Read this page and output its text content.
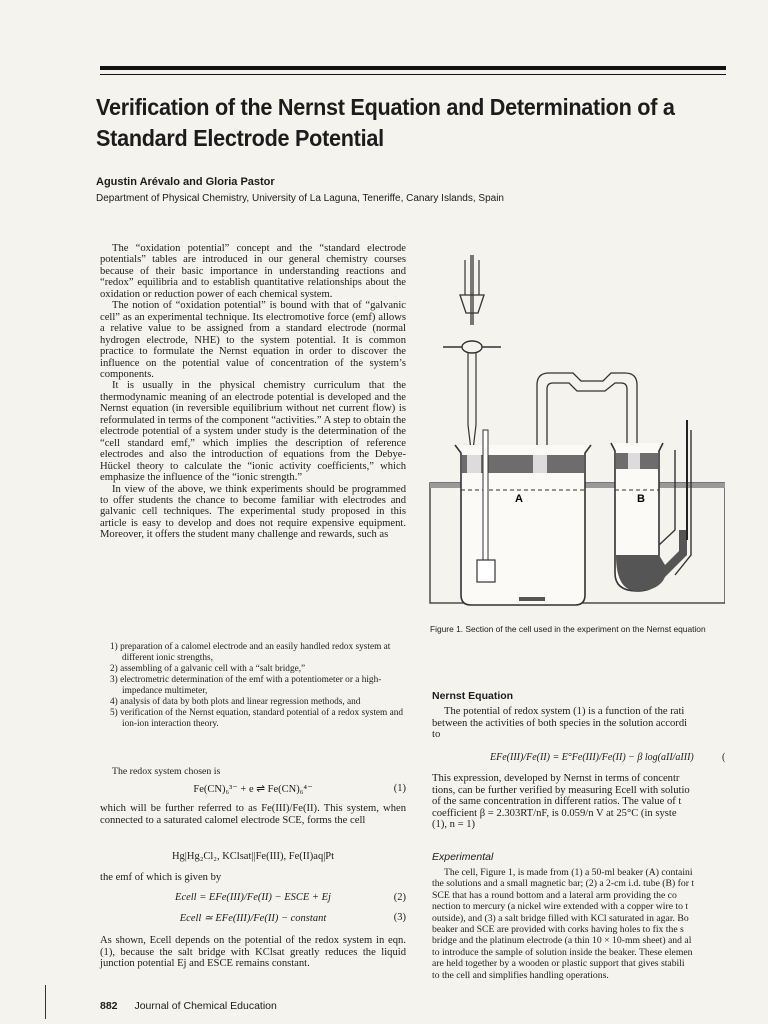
Verification of the Nernst Equation and Determination of a Standard Electrode Potential
Agustin Arévalo and Gloria Pastor
Department of Physical Chemistry, University of La Laguna, Teneriffe, Canary Islands, Spain

The “oxidation potential” concept and the “standard electrode potentials” tables are introduced in our general chemistry courses because of their basic importance in understanding reactions and “redox” equilibria and to establish quantitative relationships about the oxidation or reduction power of each chemical system.

The notion of “oxidation potential” is bound with that of “galvanic cell” as an experimental technique. Its electromotive force (emf) allows a relative value to be assigned from a standard electrode (normal hydrogen electrode, NHE) to the system potential. It is common practice to formulate the Nernst equation in order to discover the influence on the potential value of concentration of the system’s components.

It is usually in the physical chemistry curriculum that the thermodynamic meaning of an electrode potential is developed and the Nernst equation (in reversible equilibrium without net current flow) is reformulated in terms of the component “activities.” A step to obtain the electrode potential of a system under study is the determination of the “cell standard emf,” which implies the description of reference electrodes and also the introduction of equations from the Debye-Hückel theory to calculate the “ionic activity coefficients,” which emphasize the influence of the “ionic strength.”

In view of the above, we think experiments should be programmed to offer students the chance to become familiar with electrodes and galvanic cell techniques. The experimental study proposed in this article is easy to develop and does not require expensive equipment. Moreover, it offers the student many challenge and rewards, such as

1) preparation of a calomel electrode and an easily handled redox system at different ionic strengths,

2) assembling of a galvanic cell with a “salt bridge,”

3) electrometric determination of the emf with a potentiometer or a high-impedance multimeter,

4) analysis of data by both plots and linear regression methods, and

5) verification of the Nernst equation, standard potential of a redox system and ion-ion interaction theory.

The redox system chosen is
Fe(CN)₆³⁻ + e ⇌ Fe(CN)₆⁴⁻	(1)
which will be further referred to as Fe(III)/Fe(II). This system, when connected to a saturated calomel electrode SCE, forms the cell
Hg|Hg₂Cl₂, KClsat||Fe(III), Fe(II)aq|Pt
the emf of which is given by
Ecell = EFe(III)/Fe(II) − ESCE + Ej	(2)
Ecell ≃ EFe(III)/Fe(II) − constant	(3)
As shown, Ecell depends on the potential of the redox system in eqn. (1), because the salt bridge with KClsat greatly reduces the liquid junction potential Ej and ESCE remains constant.
A	B
Figure 1. Section of the cell used in the experiment on the Nernst equation
Nernst Equation

The potential of redox system (1) is a function of the rati

between the activities of both species in the solution accordi

to

EFe(III)/Fe(II) = E°Fe(III)/Fe(II) − β log(aII/aIII)	(

This expression, developed by Nernst in terms of concentr

tions, can be further verified by measuring Ecell with solutio

of the same concentration in different ratios. The value of t

coefficient β = 2.303RT/nF, is 0.059/n V at 25°C (in syste

(1), n = 1)

Experimental

The cell, Figure 1, is made from (1) a 50-ml beaker (A) containi

the solutions and a small magnetic bar; (2) a 2-cm i.d. tube (B) for t

SCE that has a round bottom and a lateral arm providing the co

nection to mercury (a nickel wire extended with a copper wire to t

outside), and (3) a salt bridge filled with KCl saturated in agar. Bo

beaker and SCE are provided with corks having holes to fix the s

bridge and the platinum electrode (a thin 10 × 10-mm sheet) and al

to introduce the sample of solution inside the beaker. These elemen

are held together by a wooden or plastic support that gives stabili

to the cell and simplifies handling operations.

882 Journal of Chemical Education
